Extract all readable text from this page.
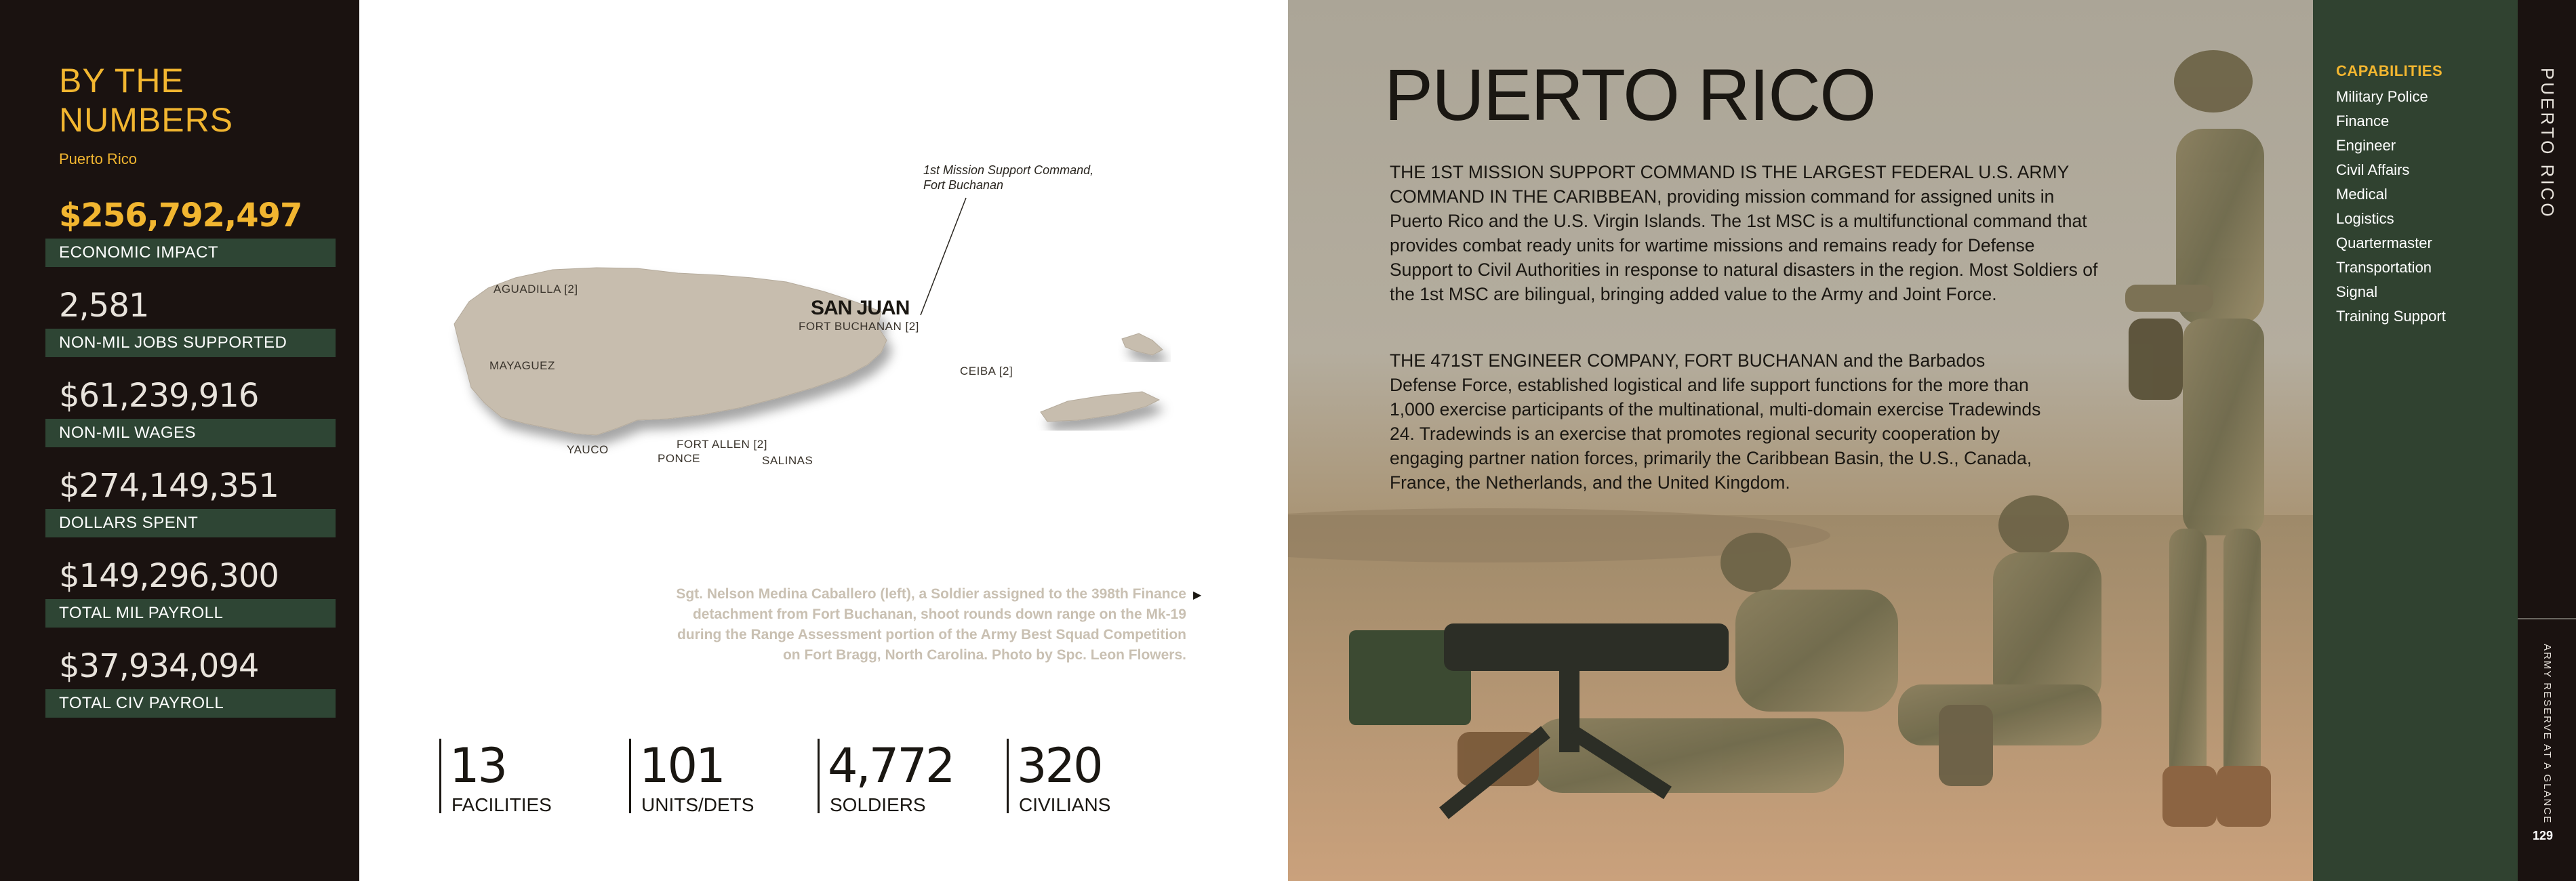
BY THE
NUMBERS
Puerto Rico
$256,792,497
ECONOMIC IMPACT
2,581
NON-MIL JOBS SUPPORTED
$61,239,916
NON-MIL WAGES
$274,149,351
DOLLARS SPENT
$149,296,300
TOTAL MIL PAYROLL
$37,934,094
TOTAL CIV PAYROLL
1st Mission Support Command,
Fort Buchanan
SAN JUAN
FORT BUCHANAN [2]
AGUADILLA [2]
MAYAGUEZ	CEIBA [2]
YAUCO	FORT ALLEN [2]
PONCE	SALINAS
Sgt. Nelson Medina Caballero (left), a Soldier assigned to the 398th Finance
detachment from Fort Buchanan, shoot rounds down range on the Mk-19
during the Range Assessment portion of the Army Best Squad Competition
on Fort Bragg, North Carolina. Photo by Spc. Leon Flowers.
▶
13
FACILITIES
101
UNITS/DETS
4,772
SOLDIERS
320
CIVILIANS
PUERTO RICO
THE 1ST MISSION SUPPORT COMMAND IS THE LARGEST FEDERAL U.S. ARMY COMMAND IN THE CARIBBEAN, providing mission command for assigned units in Puerto Rico and the U.S. Virgin Islands. The 1st MSC is a multifunctional command that provides combat ready units for wartime missions and remains ready for Defense Support to Civil Authorities in response to natural disasters in the region. Most Soldiers of the 1st MSC are bilingual, bringing added value to the Army and Joint Force.
THE 471ST ENGINEER COMPANY, FORT BUCHANAN and the Barbados Defense Force, established logistical and life support functions for the more than 1,000 exercise participants of the multinational, multi-domain exercise Tradewinds 24. Tradewinds is an exercise that promotes regional security cooperation by engaging partner nation forces, primarily the Caribbean Basin, the U.S., Canada, France, the Netherlands, and the United Kingdom.
CAPABILITIES
Military Police
Finance
Engineer
Civil Affairs
Medical
Logistics
Quartermaster
Transportation
Signal
Training Support
PUERTO RICO
ARMY RESERVE AT A GLANCE
129
